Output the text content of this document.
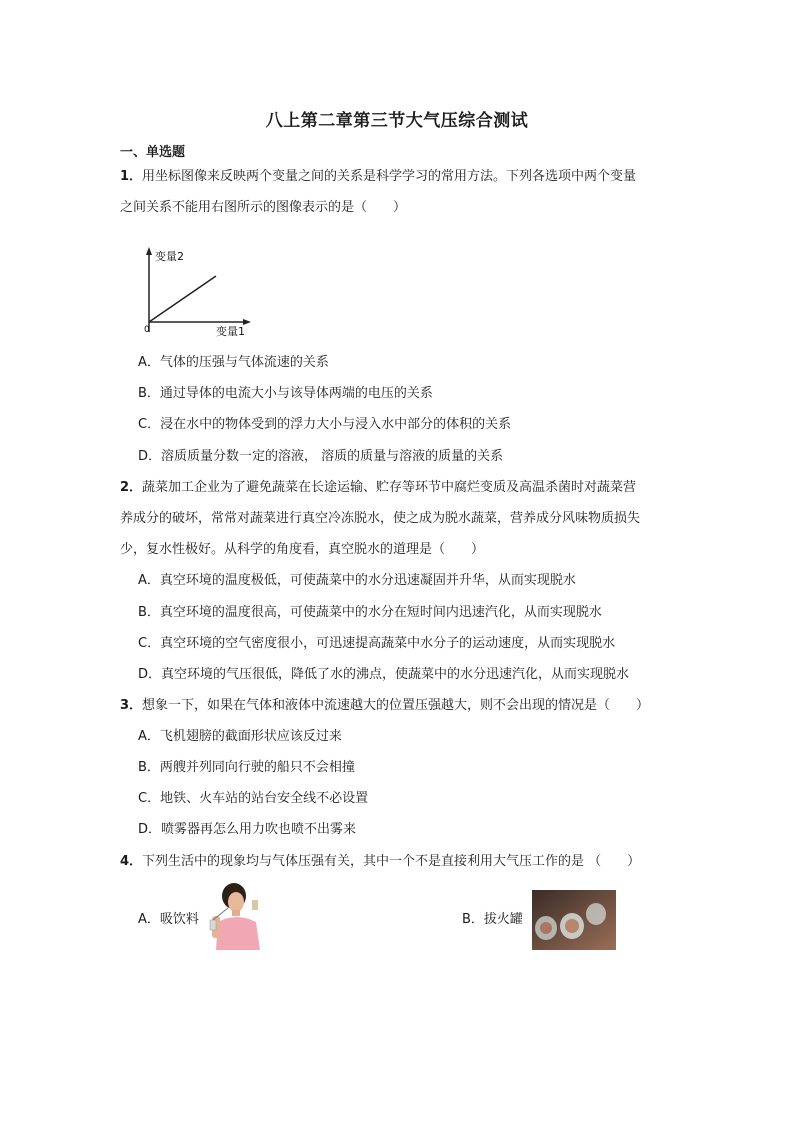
八上第二章第三节大气压综合测试
一、单选题
1．用坐标图像来反映两个变量之间的关系是科学学习的常用方法。下列各选项中两个变量
之间关系不能用右图所示的图像表示的是（　　）
变量2
变量1
0
A．气体的压强与气体流速的关系
B．通过导体的电流大小与该导体两端的电压的关系
C．浸在水中的物体受到的浮力大小与浸入水中部分的体积的关系
D．溶质质量分数一定的溶液， 溶质的质量与溶液的质量的关系
2．蔬菜加工企业为了避免蔬菜在长途运输、贮存等环节中腐烂变质及高温杀菌时对蔬菜营
养成分的破坏，常常对蔬菜进行真空冷冻脱水，使之成为脱水蔬菜，营养成分风味物质损失
少，复水性极好。从科学的角度看，真空脱水的道理是（　　）
A．真空环境的温度极低，可使蔬菜中的水分迅速凝固并升华，从而实现脱水
B．真空环境的温度很高，可使蔬菜中的水分在短时间内迅速汽化，从而实现脱水
C．真空环境的空气密度很小，可迅速提高蔬菜中水分子的运动速度，从而实现脱水
D．真空环境的气压很低，降低了水的沸点，使蔬菜中的水分迅速汽化，从而实现脱水
3．想象一下，如果在气体和液体中流速越大的位置压强越大，则不会出现的情况是（　　）
A．飞机翅膀的截面形状应该反过来
B．两艘并列同向行驶的船只不会相撞
C．地铁、火车站的站台安全线不必设置
D．喷雾器再怎么用力吹也喷不出雾来
4．下列生活中的现象均与气体压强有关，其中一个不是直接利用大气压工作的是 （　　）
A．吸饮料	B．拔火罐
